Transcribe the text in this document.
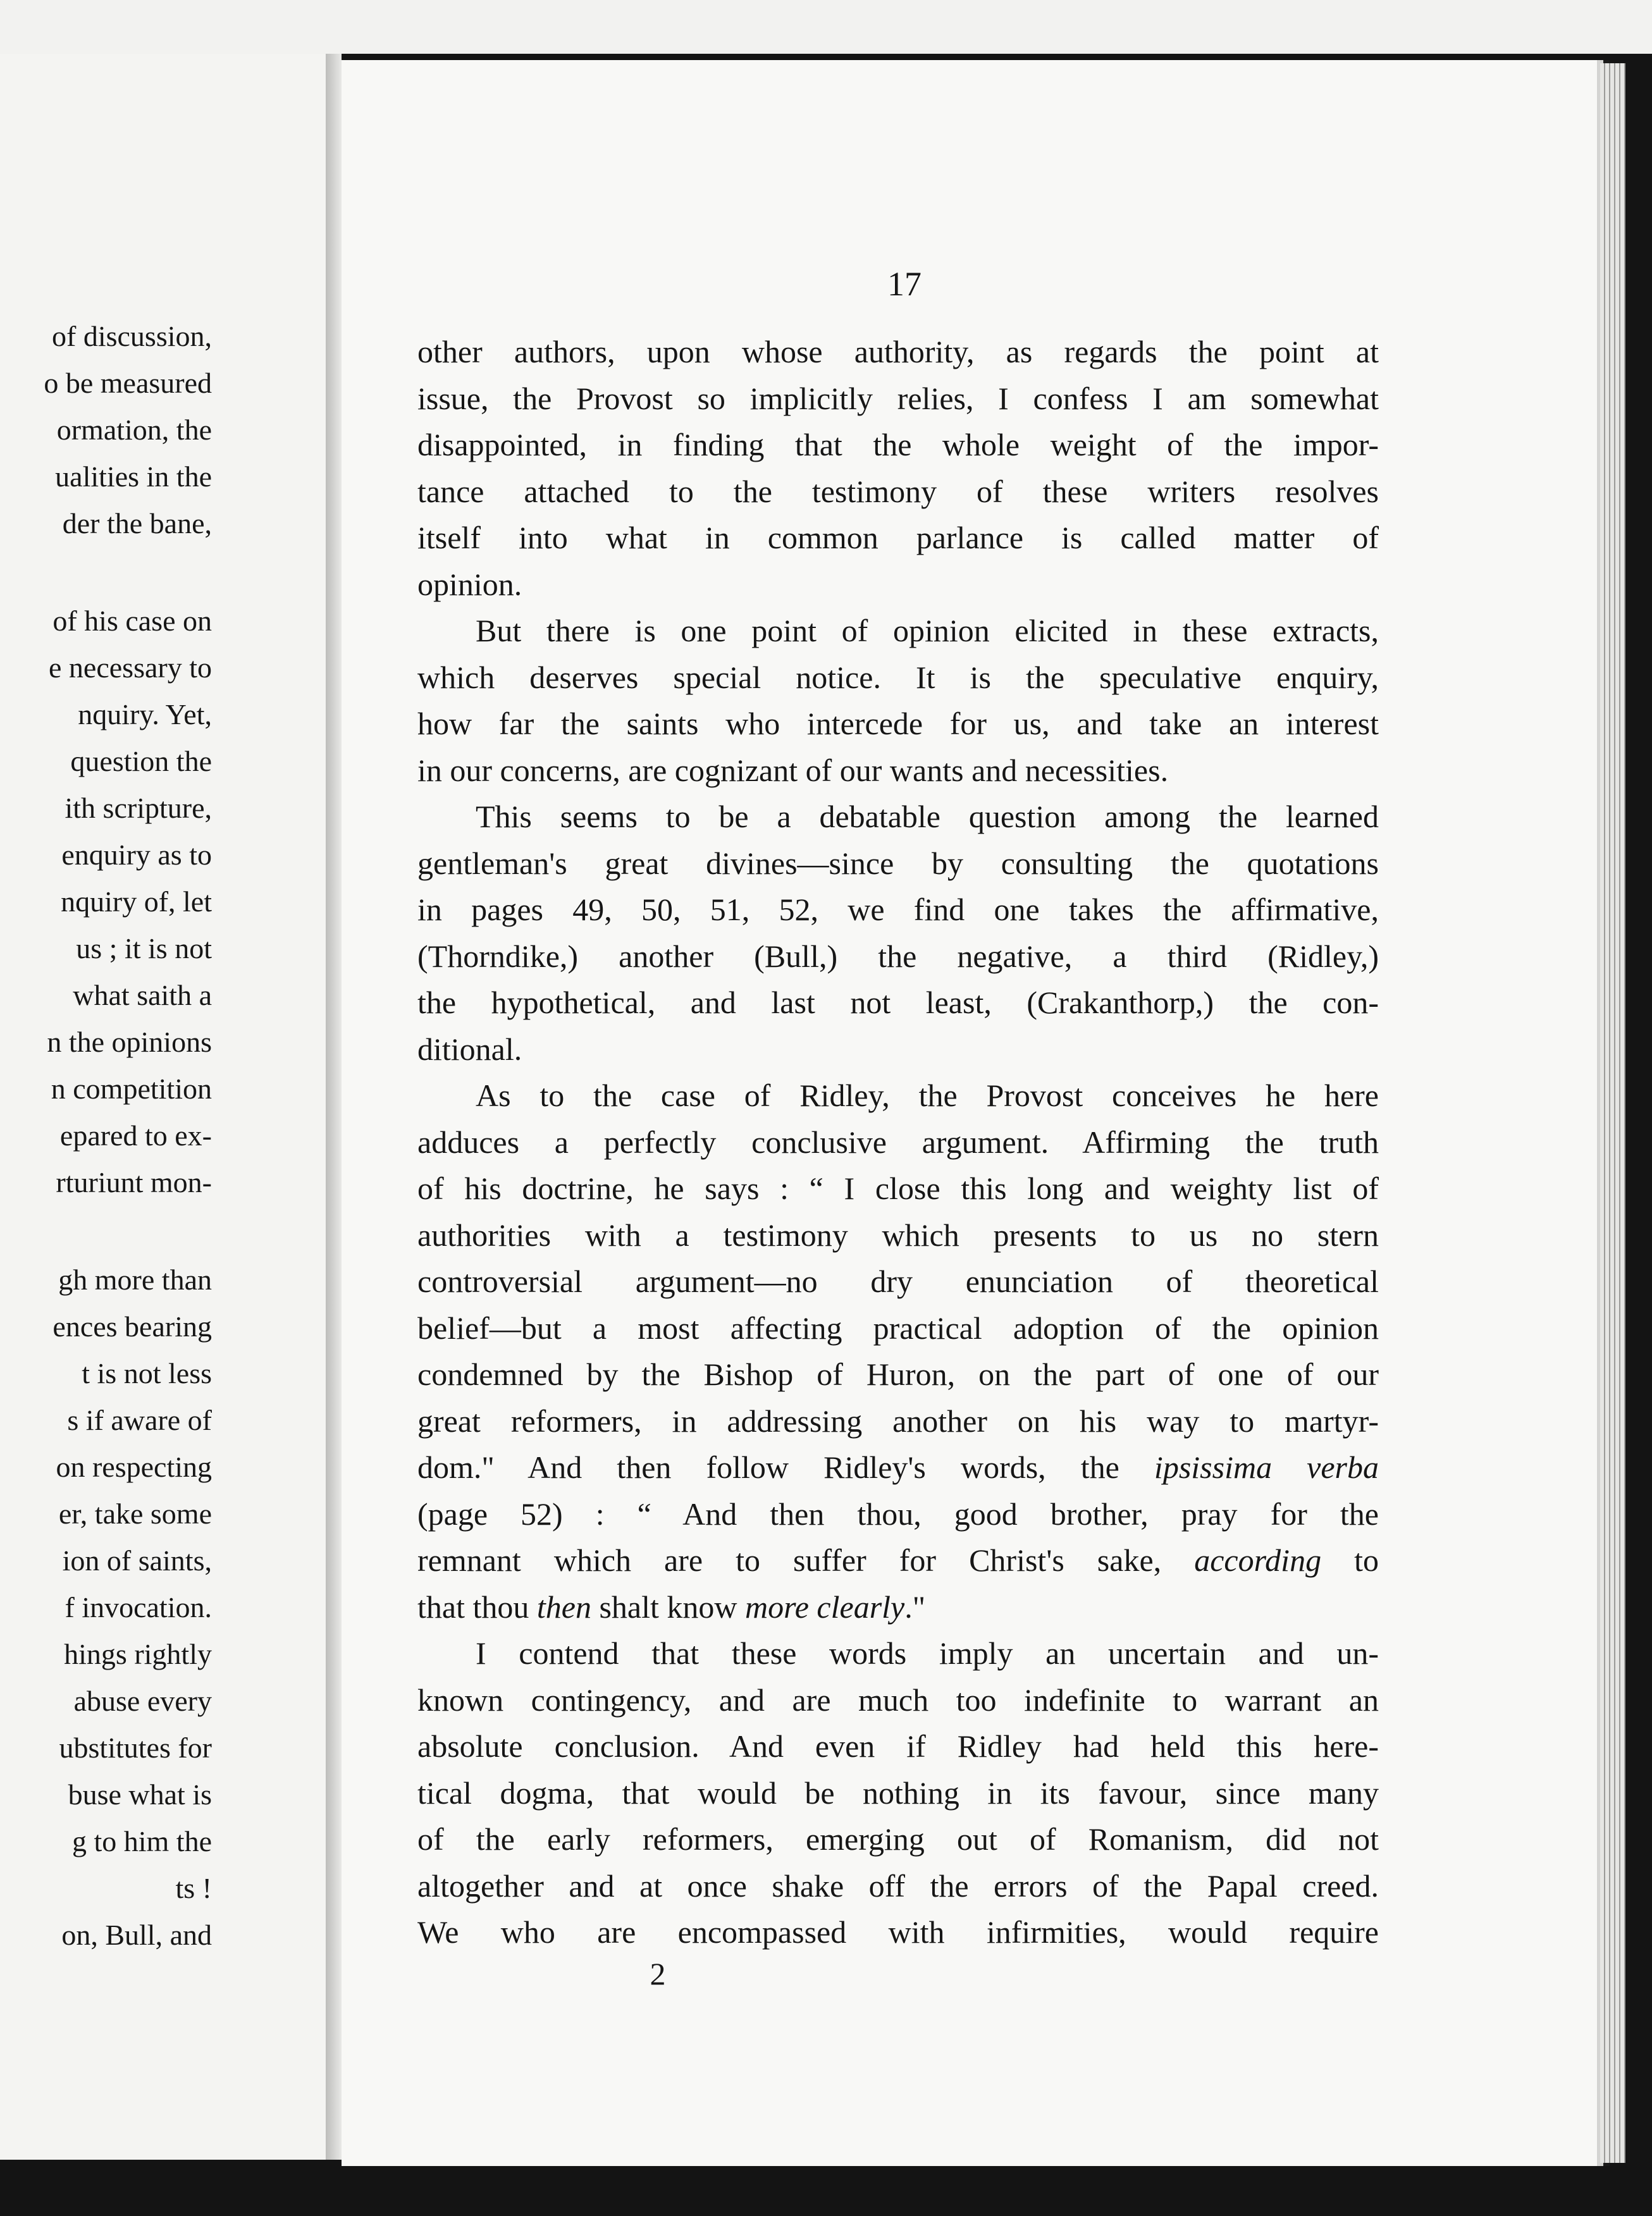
of discussion,
o be measured
ormation, the
ualities in the
der the bane,
of his case on
e necessary to
nquiry. Yet,
question the
ith scripture,
enquiry as to
nquiry of, let
us ; it is not
what saith a
n the opinions
n competition
epared to ex-
rturiunt mon-
gh more than
ences bearing
t is not less
s if aware of
on respecting
er, take some
ion of saints,
f invocation.
hings rightly
abuse every
ubstitutes for
buse what is
g to him the
ts !
on, Bull, and
17
other authors, upon whose authority, as regards the point at
issue, the Provost so implicitly relies, I confess I am somewhat
disappointed, in finding that the whole weight of the impor-
tance attached to the testimony of these writers resolves
itself into what in common parlance is called matter of
opinion.
But there is one point of opinion elicited in these extracts,
which deserves special notice. It is the speculative enquiry,
how far the saints who intercede for us, and take an interest
in our concerns, are cognizant of our wants and necessities.
This seems to be a debatable question among the learned
gentleman's great divines—since by consulting the quotations
in pages 49, 50, 51, 52, we find one takes the affirmative,
(Thorndike,) another (Bull,) the negative, a third (Ridley,)
the hypothetical, and last not least, (Crakanthorp,) the con-
ditional.
As to the case of Ridley, the Provost conceives he here
adduces a perfectly conclusive argument. Affirming the truth
of his doctrine, he says : “ I close this long and weighty list of
authorities with a testimony which presents to us no stern
controversial argument—no dry enunciation of theoretical
belief—but a most affecting practical adoption of the opinion
condemned by the Bishop of Huron, on the part of one of our
great reformers, in addressing another on his way to martyr-
dom." And then follow Ridley's words, the ipsissima verba
(page 52) : “ And then thou, good brother, pray for the
remnant which are to suffer for Christ's sake, according to
that thou then shalt know more clearly."
I contend that these words imply an uncertain and un-
known contingency, and are much too indefinite to warrant an
absolute conclusion. And even if Ridley had held this here-
tical dogma, that would be nothing in its favour, since many
of the early reformers, emerging out of Romanism, did not
altogether and at once shake off the errors of the Papal creed.
We who are encompassed with infirmities, would require
2
